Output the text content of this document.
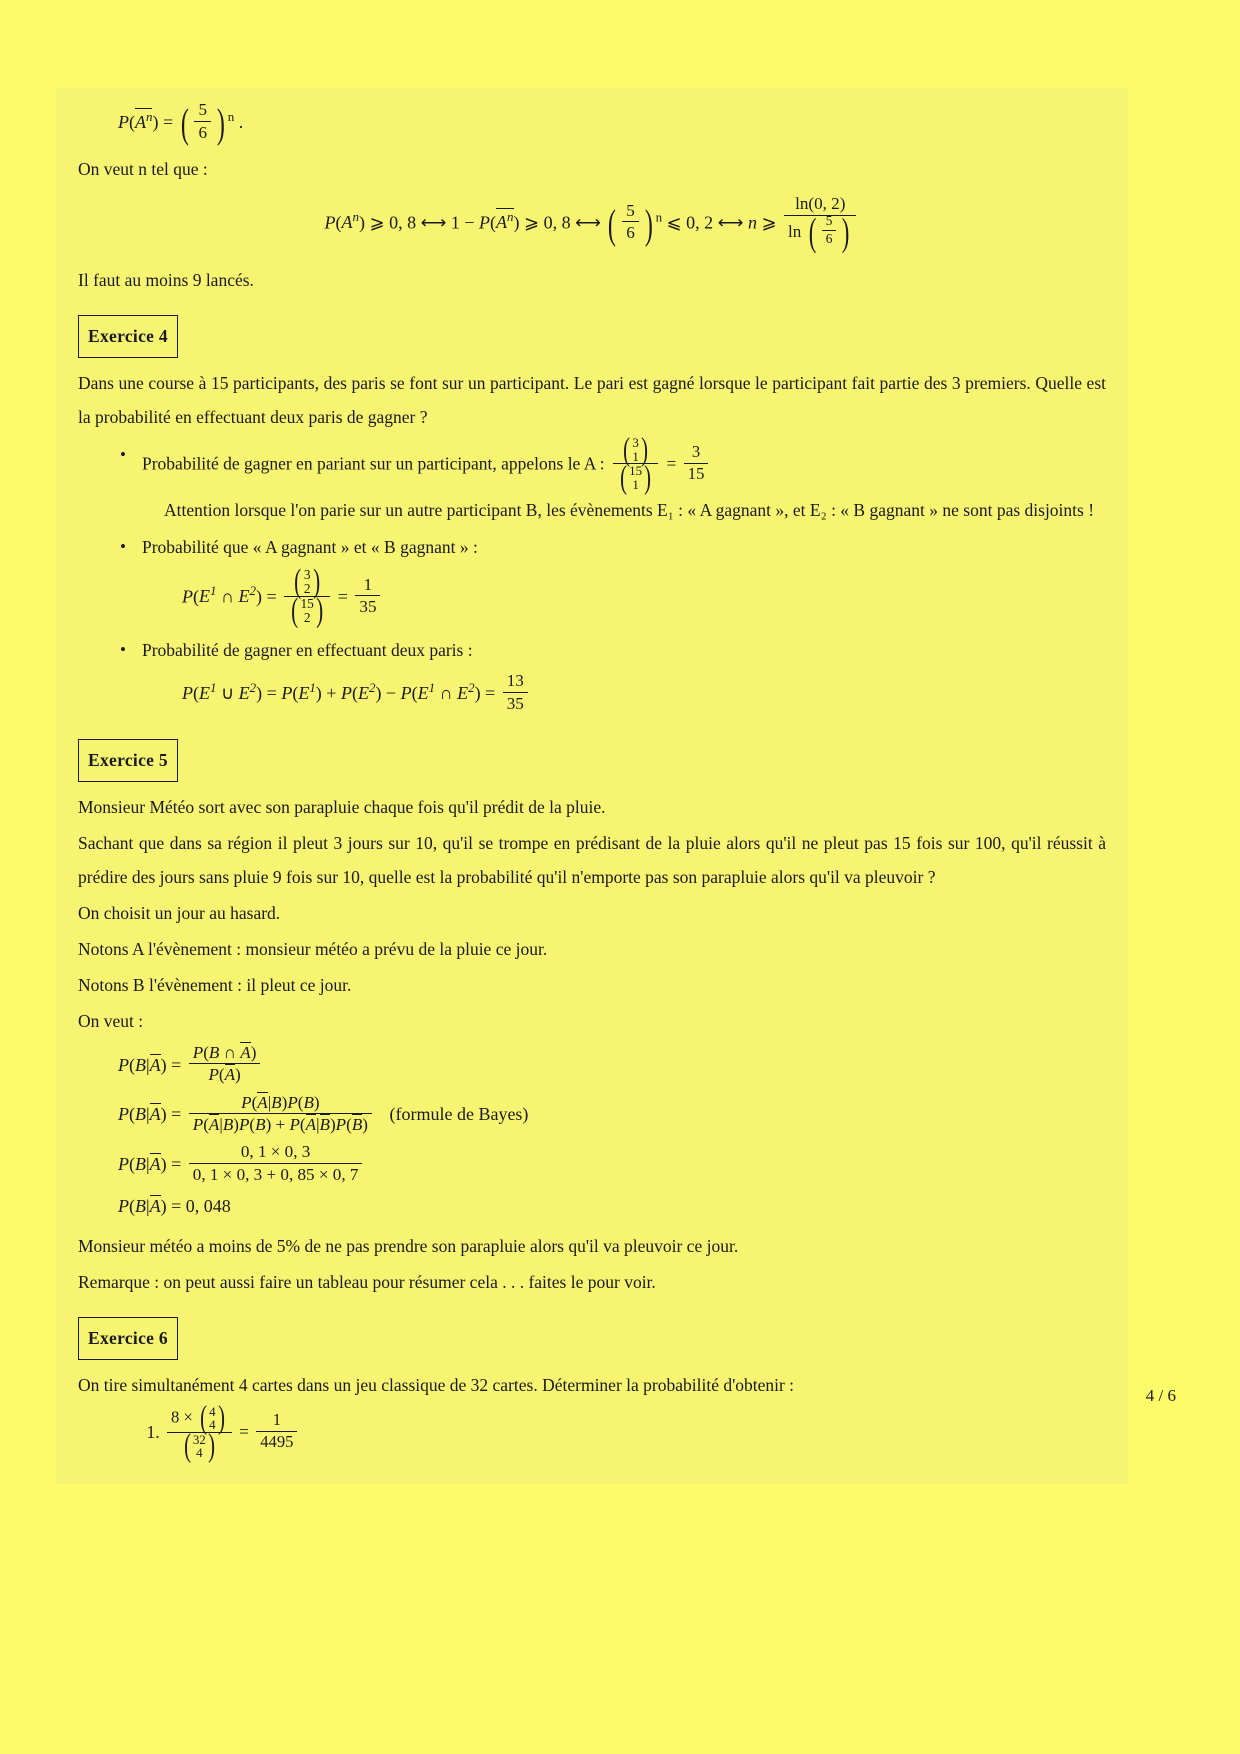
$P(A^n)$ = ( $\frac{5}{6}$ ) $^n$ .

On veut n tel que :

$P(A^n)$ ⩾ 0, 8 ⟷ $1 - P(A^n)$ ⩾ 0, 8 ⟷ ( $\frac{5}{6}$ ) $^n$ ⩽ 0, 2 ⟷ n ⩾ $\frac{\ln(0, 2)}{\ln ( \frac{5}{6} )}$

Il faut au moins 9 lancés.

Exercice 4

Dans une course à 15 participants, des paris se font sur un participant. Le pari est gagné lorsque le participant fait partie des 3 premiers. Quelle est la probabilité en effectuant deux paris de gagner ?

• Probabilité de gagner en pariant sur un participant, appelons le A : ( 3
1 )
( 15
1 ) = $\frac{3}{15}$
Attention lorsque l'on parie sur un autre participant B, les évènements E₁ : « A gagnant », et E₂ : « B gagnant » ne sont pas disjoints !
• Probabilité que « A gagnant » et « B gagnant » :
$P(E^1$ ∩ $E^2$) = ( 3
2 )
( 15
2 ) = $\frac{1}{35}$
• Probabilité de gagner en effectuant deux paris :
$P(E^1$ ∪ $E^2) = P(E^1) + P(E^2) - P(E^1$ ∩ $E^2) = \frac{13}{35}$
Exercice 5

Monsieur Météo sort avec son parapluie chaque fois qu'il prédit de la pluie.

Sachant que dans sa région il pleut 3 jours sur 10, qu'il se trompe en prédisant de la pluie alors qu'il ne pleut pas 15 fois sur 100, qu'il réussit à prédire des jours sans pluie 9 fois sur 10, quelle est la probabilité qu'il n'emporte pas son parapluie alors qu'il va pleuvoir ?

On choisit un jour au hasard.

Notons A l'évènement : monsieur météo a prévu de la pluie ce jour.

Notons B l'évènement : il pleut ce jour.

On veut :

$P(B|A) = \frac{P(B \cap A)}{P(A)}$
$P(B|A) = \frac{P(A|B)P(B)}{P(A|B)P(B) + P(A|B)P(B)}$ (formule de Bayes)
$P(B|A) = \frac{0, 1 \times 0, 3}{0, 1 \times 0, 3 + 0, 85 \times 0, 7}$
P(B|A) = 0, 048

Monsieur météo a moins de 5% de ne pas prendre son parapluie alors qu'il va pleuvoir ce jour.

Remarque : on peut aussi faire un tableau pour résumer cela . . . faites le pour voir.

Exercice 6

On tire simultanément 4 cartes dans un jeu classique de 32 cartes. Déterminer la probabilité d'obtenir :

1. 8 × ( 4
4 )
( 32
4 ) = $\frac{1}{4495}$
4 / 6
